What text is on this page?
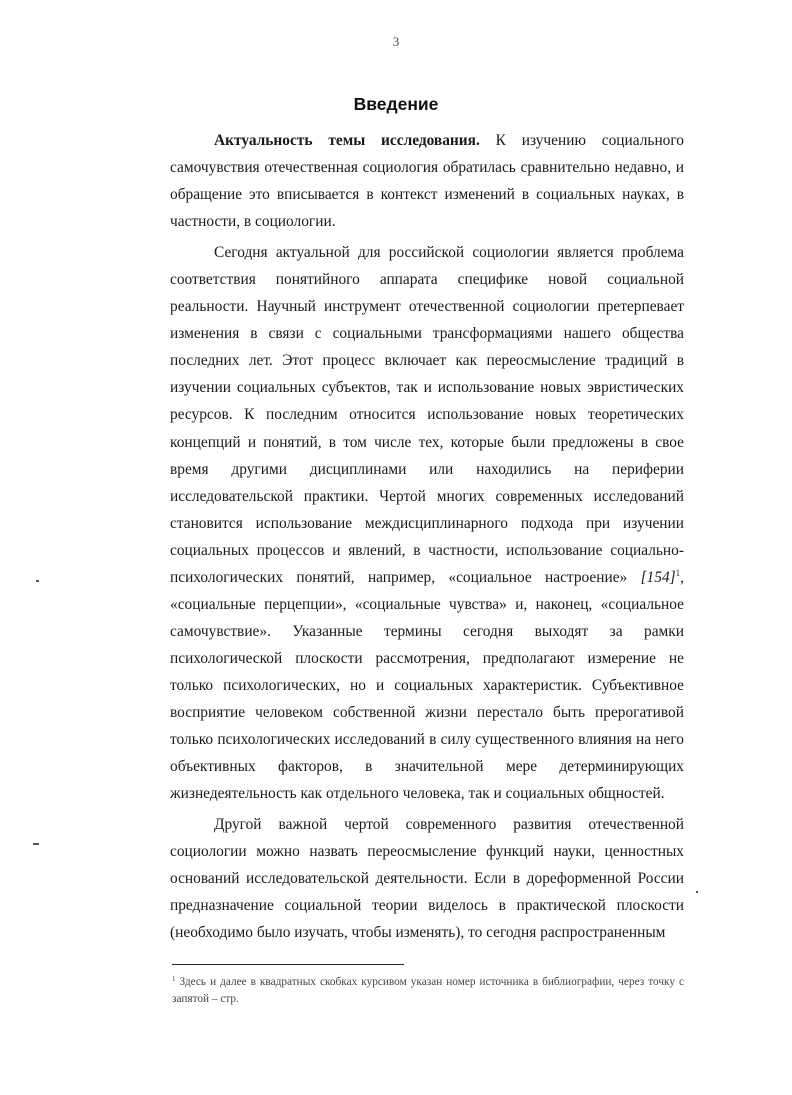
3
Введение

Актуальность темы исследования. К изучению социального самочувствия отечественная социология обратилась сравнительно недавно, и обращение это вписывается в контекст изменений в социальных науках, в частности, в социологии.

Сегодня актуальной для российской социологии является проблема соответствия понятийного аппарата специфике новой социальной реальности. Научный инструмент отечественной социологии претерпевает изменения в связи с социальными трансформациями нашего общества последних лет. Этот процесс включает как переосмысление традиций в изучении социальных субъектов, так и использование новых эвристических ресурсов. К последним относится использование новых теоретических концепций и понятий, в том числе тех, которые были предложены в свое время другими дисциплинами или находились на периферии исследовательской практики. Чертой многих современных исследований становится использование междисциплинарного подхода при изучении социальных процессов и явлений, в частности, использование социально-психологических понятий, например, «социальное настроение» $[154]^1$, «социальные перцепции», «социальные чувства» и, наконец, «социальное самочувствие». Указанные термины сегодня выходят за рамки психологической плоскости рассмотрения, предполагают измерение не только психологических, но и социальных характеристик. Субъективное восприятие человеком собственной жизни перестало быть прерогативой только психологических исследований в силу существенного влияния на него объективных факторов, в значительной мере детерминирующих жизнедеятельность как отдельного человека, так и социальных общностей.

Другой важной чертой современного развития отечественной социологии можно назвать переосмысление функций науки, ценностных оснований исследовательской деятельности. Если в дореформенной России предназначение социальной теории виделось в практической плоскости (необходимо было изучать, чтобы изменять), то сегодня распространенным

$^1$ Здесь и далее в квадратных скобках курсивом указан номер источника в библиографии, через точку с запятой – стр.
